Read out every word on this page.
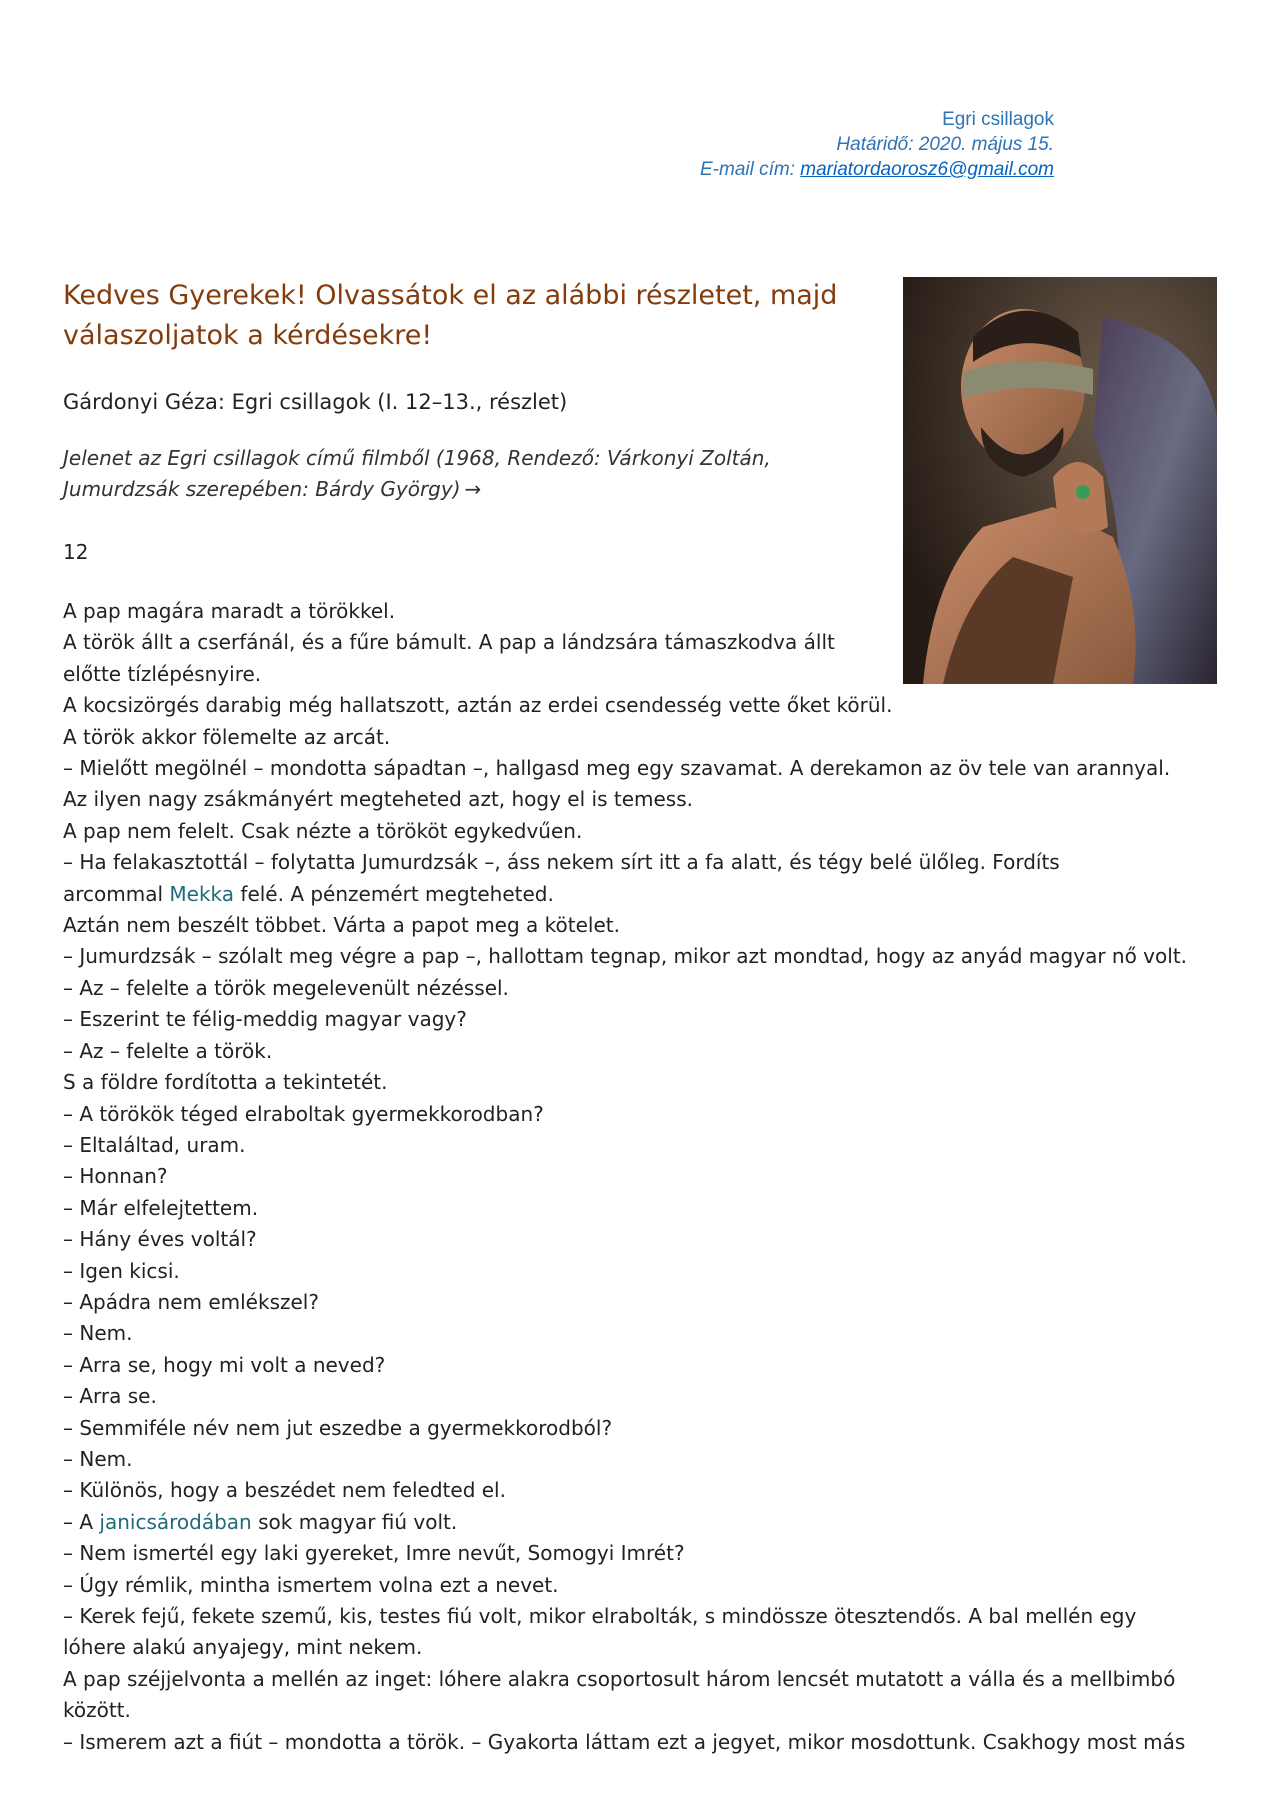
Egri csillagok
Határidő: 2020. május 15.
E-mail cím: mariatordaorosz6@gmail.com
Kedves Gyerekek! Olvassátok el az alábbi részletet, majd
válaszoljatok a kérdésekre!
Gárdonyi Géza: Egri csillagok (I. 12–13., részlet)
Jelenet az Egri csillagok című filmből (1968, Rendező: Várkonyi Zoltán,
Jumurdzsák szerepében: Bárdy György) →
12

A pap magára maradt a törökkel.

A török állt a cserfánál, és a fűre bámult. A pap a lándzsára támaszkodva állt

előtte tízlépésnyire.

A kocsizörgés darabig még hallatszott, aztán az erdei csendesség vette őket körül.

A török akkor fölemelte az arcát.

– Mielőtt megölnél – mondotta sápadtan –, hallgasd meg egy szavamat. A derekamon az öv tele van arannyal.

Az ilyen nagy zsákmányért megteheted azt, hogy el is temess.

A pap nem felelt. Csak nézte a törököt egykedvűen.

– Ha felakasztottál – folytatta Jumurdzsák –, áss nekem sírt itt a fa alatt, és tégy belé ülőleg. Fordíts

arcommal Mekka felé. A pénzemért megteheted.

Aztán nem beszélt többet. Várta a papot meg a kötelet.

– Jumurdzsák – szólalt meg végre a pap –, hallottam tegnap, mikor azt mondtad, hogy az anyád magyar nő volt.

– Az – felelte a török megelevenült nézéssel.

– Eszerint te félig-meddig magyar vagy?

– Az – felelte a török.

S a földre fordította a tekintetét.

– A törökök téged elraboltak gyermekkorodban?

– Eltaláltad, uram.

– Honnan?

– Már elfelejtettem.

– Hány éves voltál?

– Igen kicsi.

– Apádra nem emlékszel?

– Nem.

– Arra se, hogy mi volt a neved?

– Arra se.

– Semmiféle név nem jut eszedbe a gyermekkorodból?

– Nem.

– Különös, hogy a beszédet nem feledted el.

– A janicsárodában sok magyar fiú volt.

– Nem ismertél egy laki gyereket, Imre nevűt, Somogyi Imrét?

– Úgy rémlik, mintha ismertem volna ezt a nevet.

– Kerek fejű, fekete szemű, kis, testes fiú volt, mikor elrabolták, s mindössze ötesztendős. A bal mellén egy

lóhere alakú anyajegy, mint nekem.

A pap széjjelvonta a mellén az inget: lóhere alakra csoportosult három lencsét mutatott a válla és a mellbimbó

között.

– Ismerem azt a fiút – mondotta a török. – Gyakorta láttam ezt a jegyet, mikor mosdottunk. Csakhogy most más
